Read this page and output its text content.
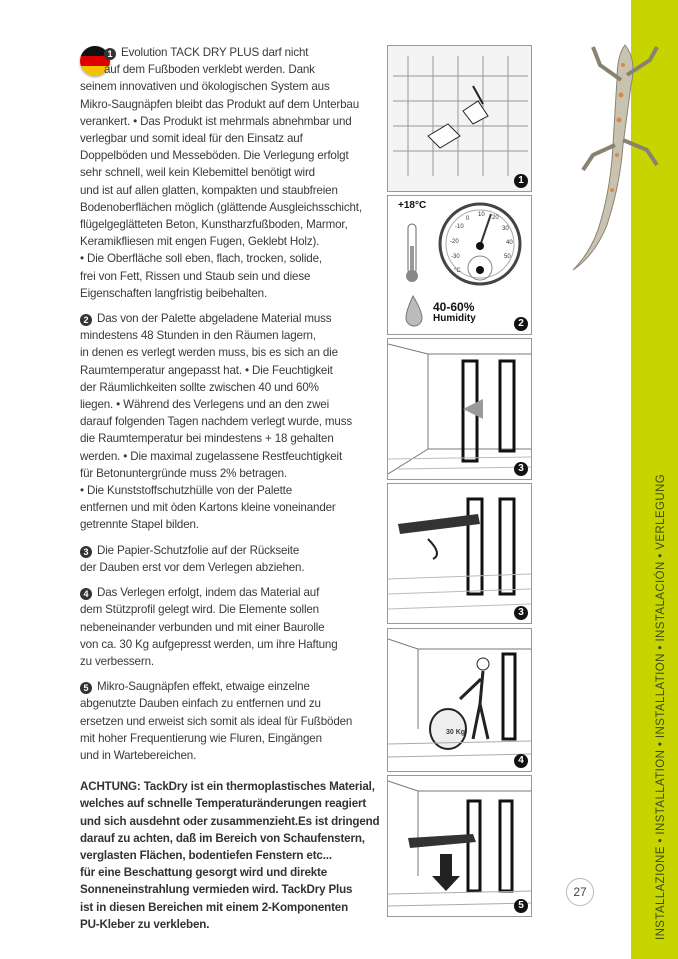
INSTALLAZIONE • INSTALLATION • INSTALLATION • INSTALACIÓN • VERLEGUNG
1 Evolution TACK DRY PLUS darf nicht
auf dem Fußboden verklebt werden. Dank
seinem innovativen und ökologischen System aus
Mikro-Saugnäpfen bleibt das Produkt auf dem Unterbau
verankert. • Das Produkt ist mehrmals abnehmbar und
verlegbar und somit ideal für den Einsatz auf
Doppelböden und Messeböden. Die Verlegung erfolgt
sehr schnell, weil kein Klebemittel benötigt wird
und ist auf allen glatten, kompakten und staubfreien
Bodenoberflächen möglich (glättende Ausgleichsschicht,
flügelgeglätteten Beton, Kunstharzfußboden, Marmor,
Keramikfliesen mit engen Fugen, Geklebt Holz).
• Die Oberfläche soll eben, flach, trocken, solide,
frei von Fett, Rissen und Staub sein und diese
Eigenschaften langfristig beibehalten.
2 Das von der Palette abgeladene Material muss
mindestens 48 Stunden in den Räumen lagern,
in denen es verlegt werden muss, bis es sich an die
Raumtemperatur angepasst hat. • Die Feuchtigkeit
der Räumlichkeiten sollte zwischen 40 und 60%
liegen. • Während des Verlegens und an den zwei
darauf folgenden Tagen nachdem verlegt wurde, muss
die Raumtemperatur bei mindestens + 18 gehalten
werden. • Die maximal zugelassene Restfeuchtigkeit
für Betonuntergründe muss 2% betragen.
• Die Kunststoffschutzhülle von der Palette
entfernen und mit òden Kartons kleine voneinander
getrennte Stapel bilden.
3 Die Papier-Schutzfolie auf der Rückseite
der Dauben erst vor dem Verlegen abziehen.
4 Das Verlegen erfolgt, indem das Material auf
dem Stützprofil gelegt wird. Die Elemente sollen
nebeneinander verbunden und mit einer Baurolle
von ca. 30 Kg aufgepresst werden, um ihre Haftung
zu verbessern.
5 Mikro-Saugnäpfen effekt, etwaige einzelne
abgenutzte Dauben einfach zu entfernen und zu
ersetzen und erweist sich somit als ideal für Fußböden
mit hoher Frequentierung wie Fluren, Eingängen
und in Wartebereichen.
ACHTUNG: TackDry ist ein thermoplastisches Material,
welches auf schnelle Temperaturänderungen reagiert
und sich ausdehnt oder zusammenzieht.Es ist dringend
darauf zu achten, daß im Bereich von Schaufenstern,
verglasten Flächen, bodentiefen Fenstern etc...
für eine Beschattung gesorgt wird und direkte
Sonneneinstrahlung vermieden wird. TackDry Plus
ist in diesen Bereichen mit einem 2-Komponenten
PU-Kleber zu verkleben.
1
-10
0
10 20
30
40
50
-20
-30
°C
+18°C
40-60%
Humidity	2
3
3
30 Kg
4
5
27
